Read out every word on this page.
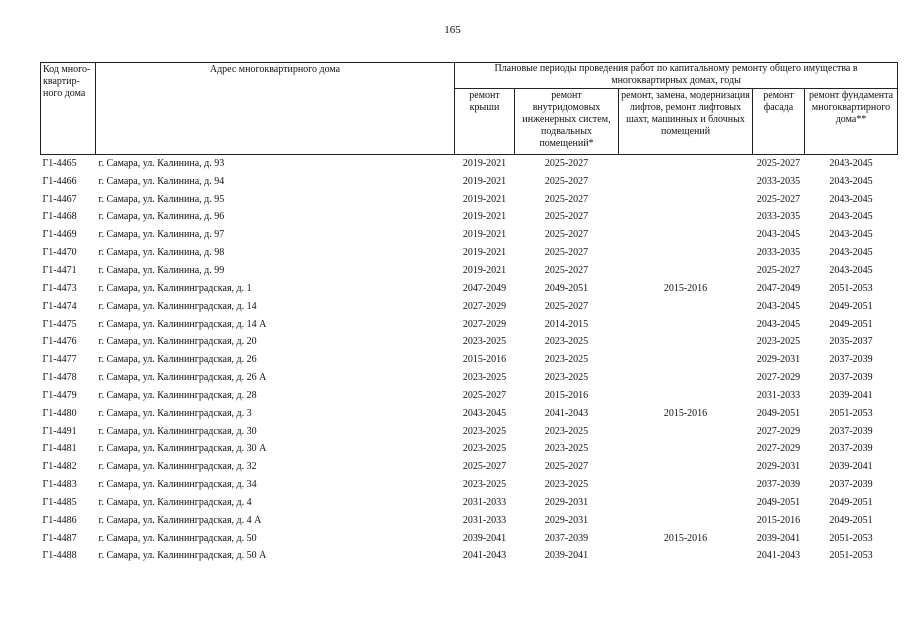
165
Код много-квартир-ного дома	Адрес многоквартирного дома	Плановые периоды проведения работ по капитальному ремонту общего имущества в многоквартирных домах, годы				
		ремонт крыши	ремонт внутридомовых инженерных систем, подвальных помещений*	ремонт, замена, модернизация лифтов, ремонт лифтовых шахт, машинных и блочных помещений	ремонт фасада	ремонт фундамента многоквартирного дома**
Г1-4465	г. Самара, ул. Калинина, д. 93	2019-2021	2025-2027		2025-2027	2043-2045
Г1-4466	г. Самара, ул. Калинина, д. 94	2019-2021	2025-2027		2033-2035	2043-2045
Г1-4467	г. Самара, ул. Калинина, д. 95	2019-2021	2025-2027		2025-2027	2043-2045
Г1-4468	г. Самара, ул. Калинина, д. 96	2019-2021	2025-2027		2033-2035	2043-2045
Г1-4469	г. Самара, ул. Калинина, д. 97	2019-2021	2025-2027		2043-2045	2043-2045
Г1-4470	г. Самара, ул. Калинина, д. 98	2019-2021	2025-2027		2033-2035	2043-2045
Г1-4471	г. Самара, ул. Калинина, д. 99	2019-2021	2025-2027		2025-2027	2043-2045
Г1-4473	г. Самара, ул. Калининградская, д. 1	2047-2049	2049-2051	2015-2016	2047-2049	2051-2053
Г1-4474	г. Самара, ул. Калининградская, д. 14	2027-2029	2025-2027		2043-2045	2049-2051
Г1-4475	г. Самара, ул. Калининградская, д. 14 А	2027-2029	2014-2015		2043-2045	2049-2051
Г1-4476	г. Самара, ул. Калининградская, д. 20	2023-2025	2023-2025		2023-2025	2035-2037
Г1-4477	г. Самара, ул. Калининградская, д. 26	2015-2016	2023-2025		2029-2031	2037-2039
Г1-4478	г. Самара, ул. Калининградская, д. 26 А	2023-2025	2023-2025		2027-2029	2037-2039
Г1-4479	г. Самара, ул. Калининградская, д. 28	2025-2027	2015-2016		2031-2033	2039-2041
Г1-4480	г. Самара, ул. Калининградская, д. 3	2043-2045	2041-2043	2015-2016	2049-2051	2051-2053
Г1-4491	г. Самара, ул. Калининградская, д. 30	2023-2025	2023-2025		2027-2029	2037-2039
Г1-4481	г. Самара, ул. Калининградская, д. 30 А	2023-2025	2023-2025		2027-2029	2037-2039
Г1-4482	г. Самара, ул. Калининградская, д. 32	2025-2027	2025-2027		2029-2031	2039-2041
Г1-4483	г. Самара, ул. Калининградская, д. 34	2023-2025	2023-2025		2037-2039	2037-2039
Г1-4485	г. Самара, ул. Калининградская, д. 4	2031-2033	2029-2031		2049-2051	2049-2051
Г1-4486	г. Самара, ул. Калининградская, д. 4 А	2031-2033	2029-2031		2015-2016	2049-2051
Г1-4487	г. Самара, ул. Калининградская, д. 50	2039-2041	2037-2039	2015-2016	2039-2041	2051-2053
Г1-4488	г. Самара, ул. Калининградская, д. 50 А	2041-2043	2039-2041		2041-2043	2051-2053
